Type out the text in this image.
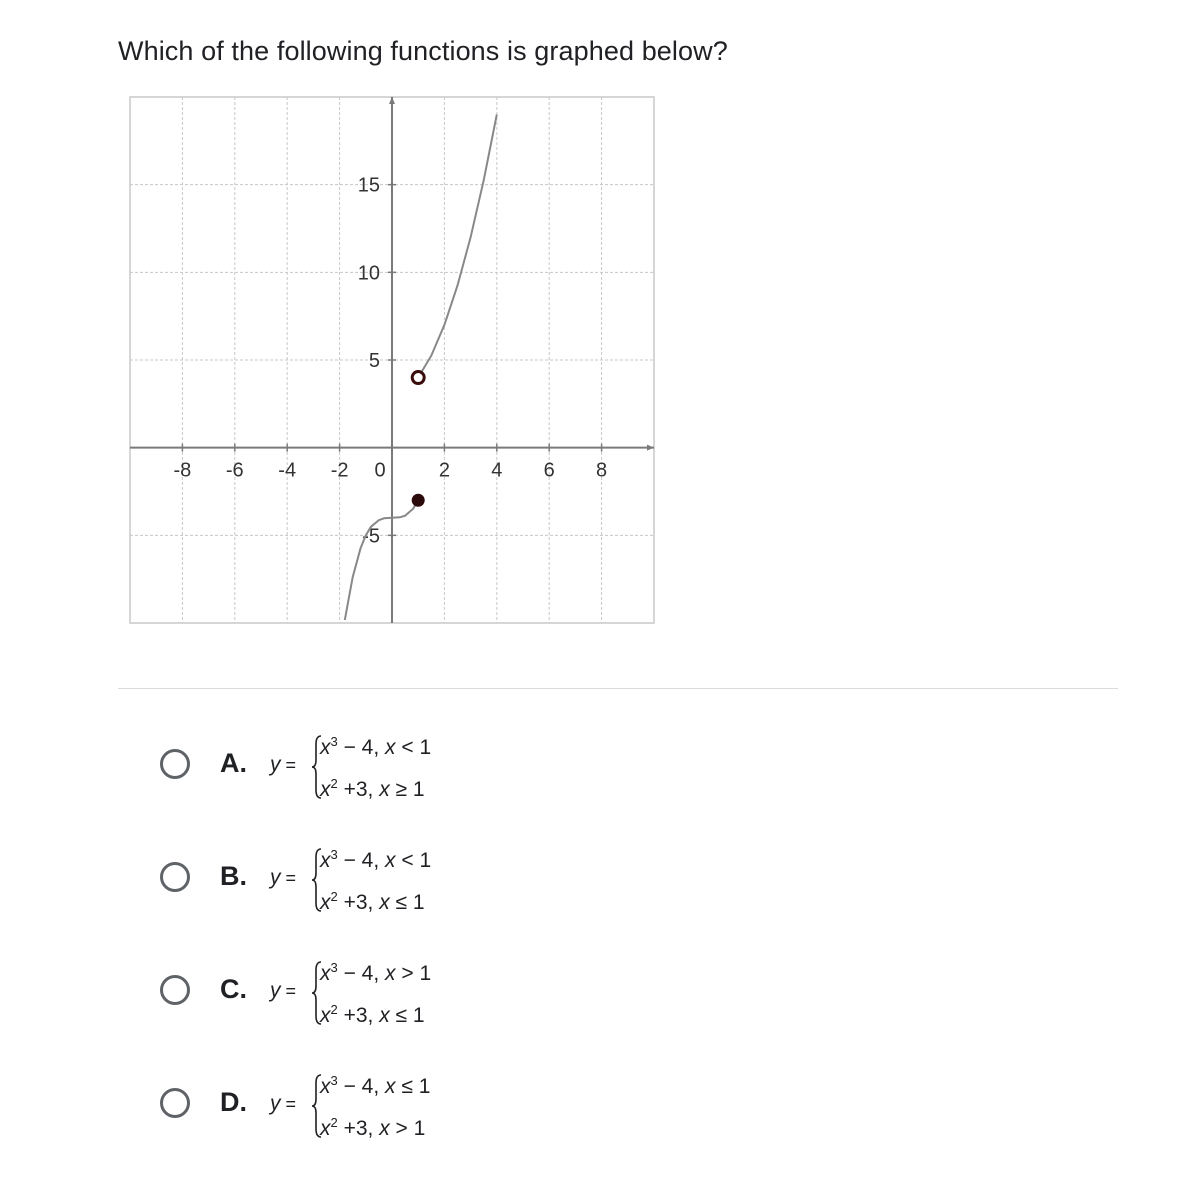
Which of the following functions is graphed below?
-8 -6 -4 -2 0	2 4 6 8
15
10
5
-5
A. y =
$x^3 - 4$, x < 1
$x^2 +3$, x ≥ 1
B. y =
$x^3 - 4$, x < 1
$x^2 +3$, x ≤ 1
C. y =
$x^3 - 4$, x > 1
$x^2 +3$, x ≤ 1
D. y =
$x^3 - 4$, x ≤ 1
$x^2 +3$, x > 1
